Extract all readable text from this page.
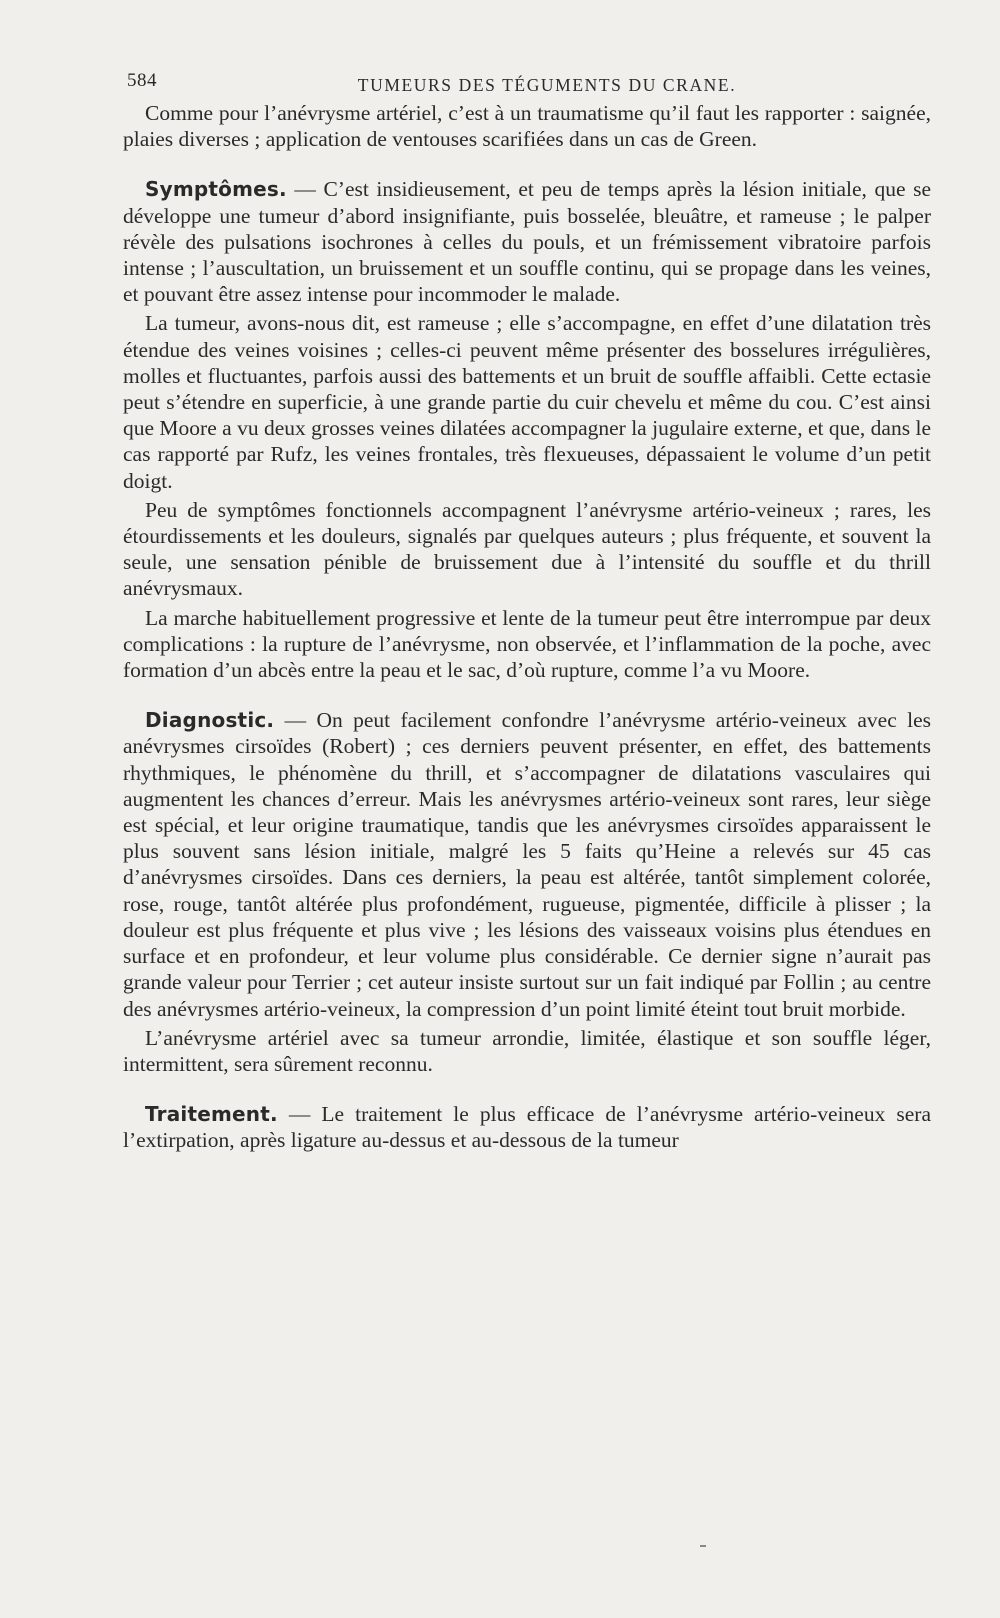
584	TUMEURS DES TÉGUMENTS DU CRANE.

Comme pour l’anévrysme artériel, c’est à un traumatisme qu’il faut les rapporter : saignée, plaies diverses ; application de ventouses scarifiées dans un cas de Green.

Symptômes. — C’est insidieusement, et peu de temps après la lésion initiale, que se développe une tumeur d’abord insignifiante, puis bosselée, bleuâtre, et rameuse ; le palper révèle des pulsations isochrones à celles du pouls, et un frémissement vibratoire parfois intense ; l’auscultation, un bruissement et un souffle continu, qui se propage dans les veines, et pouvant être assez intense pour incommoder le malade.

La tumeur, avons-nous dit, est rameuse ; elle s’accompagne, en effet d’une dilatation très étendue des veines voisines ; celles-ci peuvent même présenter des bosselures irrégulières, molles et fluctuantes, parfois aussi des battements et un bruit de souffle affaibli. Cette ectasie peut s’étendre en superficie, à une grande partie du cuir chevelu et même du cou. C’est ainsi que Moore a vu deux grosses veines dilatées accompagner la jugulaire externe, et que, dans le cas rapporté par Rufz, les veines frontales, très flexueuses, dépassaient le volume d’un petit doigt.

Peu de symptômes fonctionnels accompagnent l’anévrysme artério-veineux ; rares, les étourdissements et les douleurs, signalés par quelques auteurs ; plus fréquente, et souvent la seule, une sensation pénible de bruissement due à l’intensité du souffle et du thrill anévrysmaux.

La marche habituellement progressive et lente de la tumeur peut être interrompue par deux complications : la rupture de l’anévrysme, non observée, et l’inflammation de la poche, avec formation d’un abcès entre la peau et le sac, d’où rupture, comme l’a vu Moore.

Diagnostic. — On peut facilement confondre l’anévrysme artério-veineux avec les anévrysmes cirsoïdes (Robert) ; ces derniers peuvent présenter, en effet, des battements rhythmiques, le phénomène du thrill, et s’accompagner de dilatations vasculaires qui augmentent les chances d’erreur. Mais les anévrysmes artério-veineux sont rares, leur siège est spécial, et leur origine traumatique, tandis que les anévrysmes cirsoïdes apparaissent le plus souvent sans lésion initiale, malgré les 5 faits qu’Heine a relevés sur 45 cas d’anévrysmes cirsoïdes. Dans ces derniers, la peau est altérée, tantôt simplement colorée, rose, rouge, tantôt altérée plus profondément, rugueuse, pigmentée, difficile à plisser ; la douleur est plus fréquente et plus vive ; les lésions des vaisseaux voisins plus étendues en surface et en profondeur, et leur volume plus considérable. Ce dernier signe n’aurait pas grande valeur pour Terrier ; cet auteur insiste surtout sur un fait indiqué par Follin ; au centre des anévrysmes artério-veineux, la compression d’un point limité éteint tout bruit morbide.

L’anévrysme artériel avec sa tumeur arrondie, limitée, élastique et son souffle léger, intermittent, sera sûrement reconnu.

Traitement. — Le traitement le plus efficace de l’anévrysme artério-veineux sera l’extirpation, après ligature au-dessus et au-dessous de la tumeur
